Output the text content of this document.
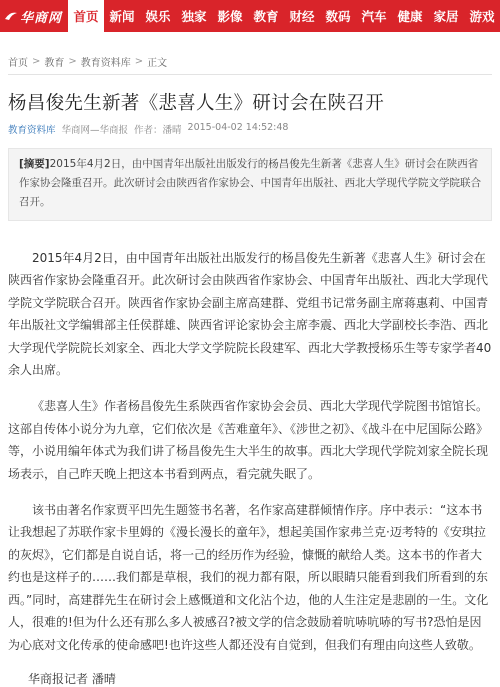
华商网 首页 新闻 娱乐 独家 影像 教育 财经 数码 汽车 健康 家居 游戏
首页 > 教育 > 教育资料库 > 正文
杨昌俊先生新著《悲喜人生》研讨会在陕召开
教育资料库 华商网—华商报 作者：潘晴 2015-04-02 14:52:48
[摘要]2015年4月2日，由中国青年出版社出版发行的杨昌俊先生新著《悲喜人生》研讨会在陕西省作家协会隆重召开。此次研讨会由陕西省作家协会、中国青年出版社、西北大学现代学院文学院联合召开。

2015年4月2日，由中国青年出版社出版发行的杨昌俊先生新著《悲喜人生》研讨会在陕西省作家协会隆重召开。此次研讨会由陕西省作家协会、中国青年出版社、西北大学现代学院文学院联合召开。陕西省作家协会副主席高建群、党组书记常务副主席蒋惠莉、中国青年出版社文学编辑部主任侯群雄、陕西省评论家协会主席李震、西北大学副校长李浩、西北大学现代学院院长刘家全、西北大学文学院院长段建军、西北大学教授杨乐生等专家学者40余人出席。

《悲喜人生》作者杨昌俊先生系陕西省作家协会会员、西北大学现代学院图书馆馆长。这部自传体小说分为九章，它们依次是《苦难童年》、《涉世之初》、《战斗在中尼国际公路》等，小说用编年体式为我们讲了杨昌俊先生大半生的故事。西北大学现代学院刘家全院长现场表示，自己昨天晚上把这本书看到两点，看完就失眠了。

该书由著名作家贾平凹先生题签书名著，名作家高建群倾情作序。序中表示：“这本书让我想起了苏联作家卡里姆的《漫长漫长的童年》，想起美国作家弗兰克·迈考特的《安琪拉的灰烬》，它们都是自说自话，将一己的经历作为经验，慷慨的献给人类。这本书的作者大约也是这样子的……我们都是草根，我们的视力都有限，所以眼睛只能看到我们所看到的东西。”同时，高建群先生在研讨会上感慨道和文化沾个边，他的人生注定是悲剧的一生。文化人，很难的!但为什么还有那么多人被感召?被文学的信念鼓励着吭哧吭哧的写书?恐怕是因为心底对文化传承的使命感吧!也许这些人都还没有自觉到，但我们有理由向这些人致敬。

华商报记者 潘晴
